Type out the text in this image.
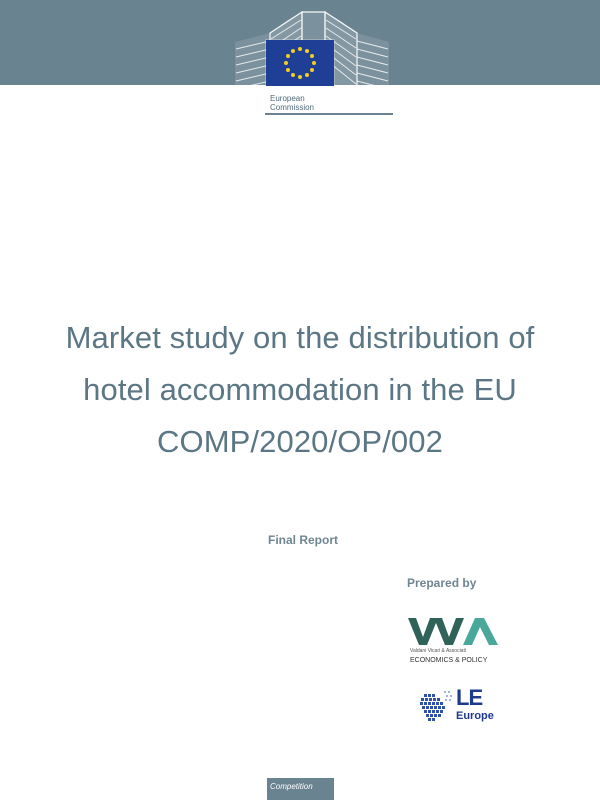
European
Commission
Market study on the distribution of
hotel accommodation in the EU
COMP/2020/OP/002
Final Report
Prepared by
Valdani Vicari & Associati
ECONOMICS & POLICY
LE
Europe
Competition
